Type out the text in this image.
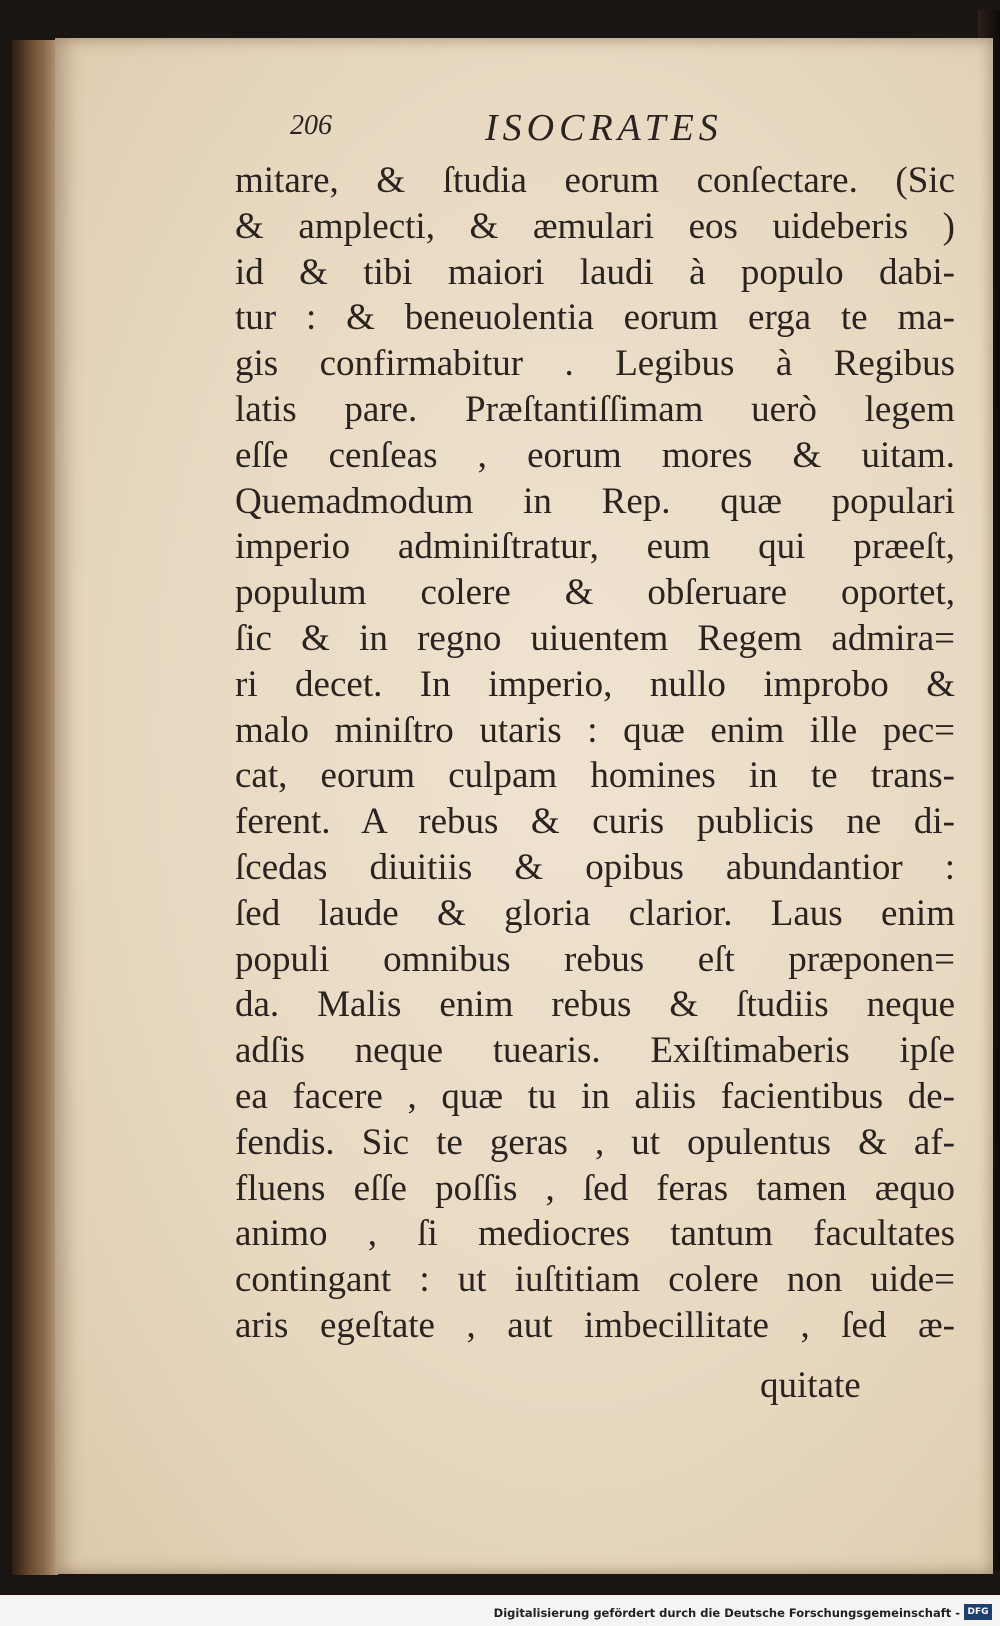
206	ISOCRATES
mitare, & ſtudia eorum conſectare. (Sic
& amplecti, & æmulari eos uideberis )
id & tibi maiori laudi à populo dabi-
tur : & beneuolentia eorum erga te ma-
gis confirmabitur . Legibus à Regibus
latis pare. Præſtantiſſimam uerò legem
eſſe cenſeas , eorum mores & uitam.
Quemadmodum in Rep. quæ populari
imperio adminiſtratur, eum qui præeſt,
populum colere & obſeruare oportet,
ſic & in regno uiuentem Regem admira=
ri decet. In imperio, nullo improbo &
malo miniſtro utaris : quæ enim ille pec=
cat, eorum culpam homines in te trans-
ferent. A rebus & curis publicis ne di-
ſcedas diuitiis & opibus abundantior :
ſed laude & gloria clarior. Laus enim
populi omnibus rebus eſt præponen=
da. Malis enim rebus & ſtudiis neque
adſis neque tuearis. Exiſtimaberis ipſe
ea facere , quæ tu in aliis facientibus de-
fendis. Sic te geras , ut opulentus & af-
fluens eſſe poſſis , ſed feras tamen æquo
animo , ſi mediocres tantum facultates
contingant : ut iuſtitiam colere non uide=
aris egeſtate , aut imbecillitate , ſed æ-
quitate
Digitalisierung gefördert durch die Deutsche Forschungsgemeinschaft - DFG
